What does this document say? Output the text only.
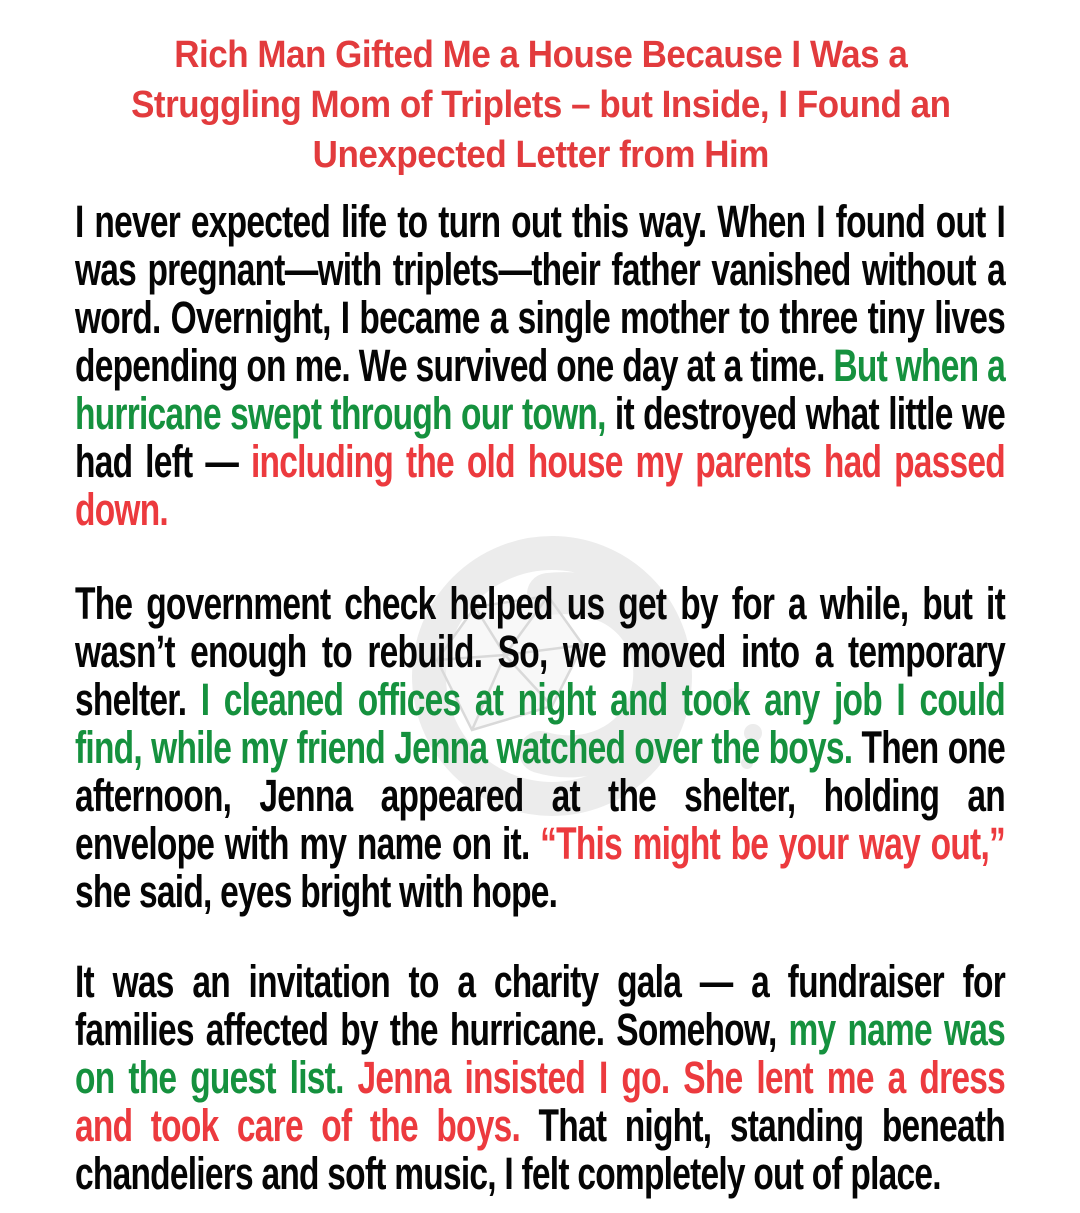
Rich Man Gifted Me a House Because I Was a Struggling Mom of Triplets – but Inside, I Found an Unexpected Letter from Him

I never expected life to turn out this way. When I found out I was pregnant—with triplets—their father vanished without a word. Overnight, I became a single mother to three tiny lives depending on me. We survived one day at a time. But when a hurricane swept through our town, it destroyed what little we had left — including the old house my parents had passed down.

The government check helped us get by for a while, but it wasn’t enough to rebuild. So, we moved into a temporary shelter. I cleaned offices at night and took any job I could find, while my friend Jenna watched over the boys. Then one afternoon, Jenna appeared at the shelter, holding an envelope with my name on it. “This might be your way out,” she said, eyes bright with hope.

It was an invitation to a charity gala — a fundraiser for families affected by the hurricane. Somehow, my name was on the guest list. Jenna insisted I go. She lent me a dress and took care of the boys. That night, standing beneath chandeliers and soft music, I felt completely out of place.
